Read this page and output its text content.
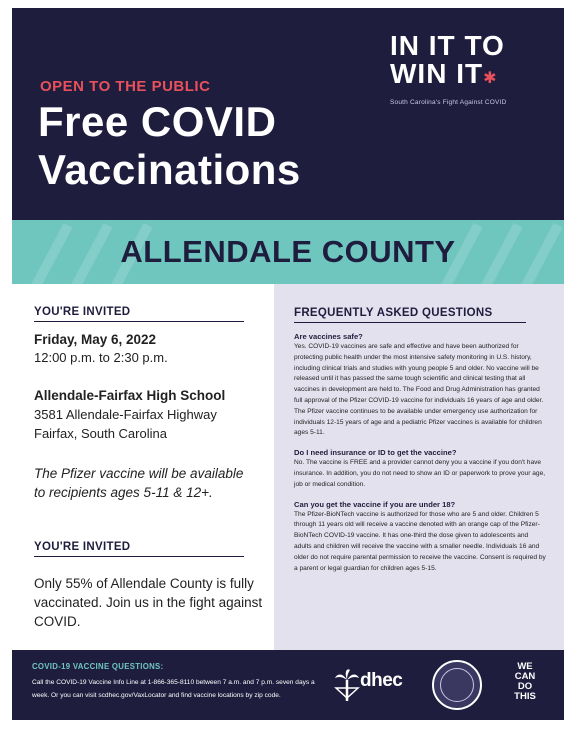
OPEN TO THE PUBLIC
Free COVID
Vaccinations
IN IT TO
WIN IT✱
South Carolina's Fight Against COVID
ALLENDALE COUNTY
YOU'RE INVITED
Friday, May 6, 2022
12:00 p.m. to 2:30 p.m.
Allendale-Fairfax High School
3581 Allendale-Fairfax Highway
Fairfax, South Carolina
The Pfizer vaccine will be available to recipients ages 5-11 & 12+.
YOU'RE INVITED
Only 55% of Allendale County is fully vaccinated. Join us in the fight against COVID.
FREQUENTLY ASKED QUESTIONS
Are vaccines safe?
Yes. COVID-19 vaccines are safe and effective and have been authorized for protecting public health under the most intensive safety monitoring in U.S. history, including clinical trials and studies with young people 5 and older. No vaccine will be released until it has passed the same tough scientific and clinical testing that all vaccines in development are held to. The Food and Drug Administration has granted full approval of the Pfizer COVID-19 vaccine for individuals 16 years of age and older. The Pfizer vaccine continues to be available under emergency use authorization for individuals 12-15 years of age and a pediatric Pfizer vaccines is available for children ages 5-11.
Do I need insurance or ID to get the vaccine?
No. The vaccine is FREE and a provider cannot deny you a vaccine if you don't have insurance. In addition, you do not need to show an ID or paperwork to prove your age, job or medical condition.
Can you get the vaccine if you are under 18?
The Pfizer-BioNTech vaccine is authorized for those who are 5 and older. Children 5 through 11 years old will receive a vaccine denoted with an orange cap of the Pfizer-BioNTech COVID-19 vaccine. It has one-third the dose given to adolescents and adults and children will receive the vaccine with a smaller needle. Individuals 16 and older do not require parental permission to receive the vaccine. Consent is required by a parent or legal guardian for children ages 5-15.
COVID-19 VACCINE QUESTIONS:
Call the COVID-19 Vaccine Info Line at 1-866-365-8110 between 7 a.m. and 7 p.m. seven days a week. Or you can visit scdhec.gov/VaxLocator and find vaccine locations by zip code.
dhec
WE
CAN
DO
THIS
